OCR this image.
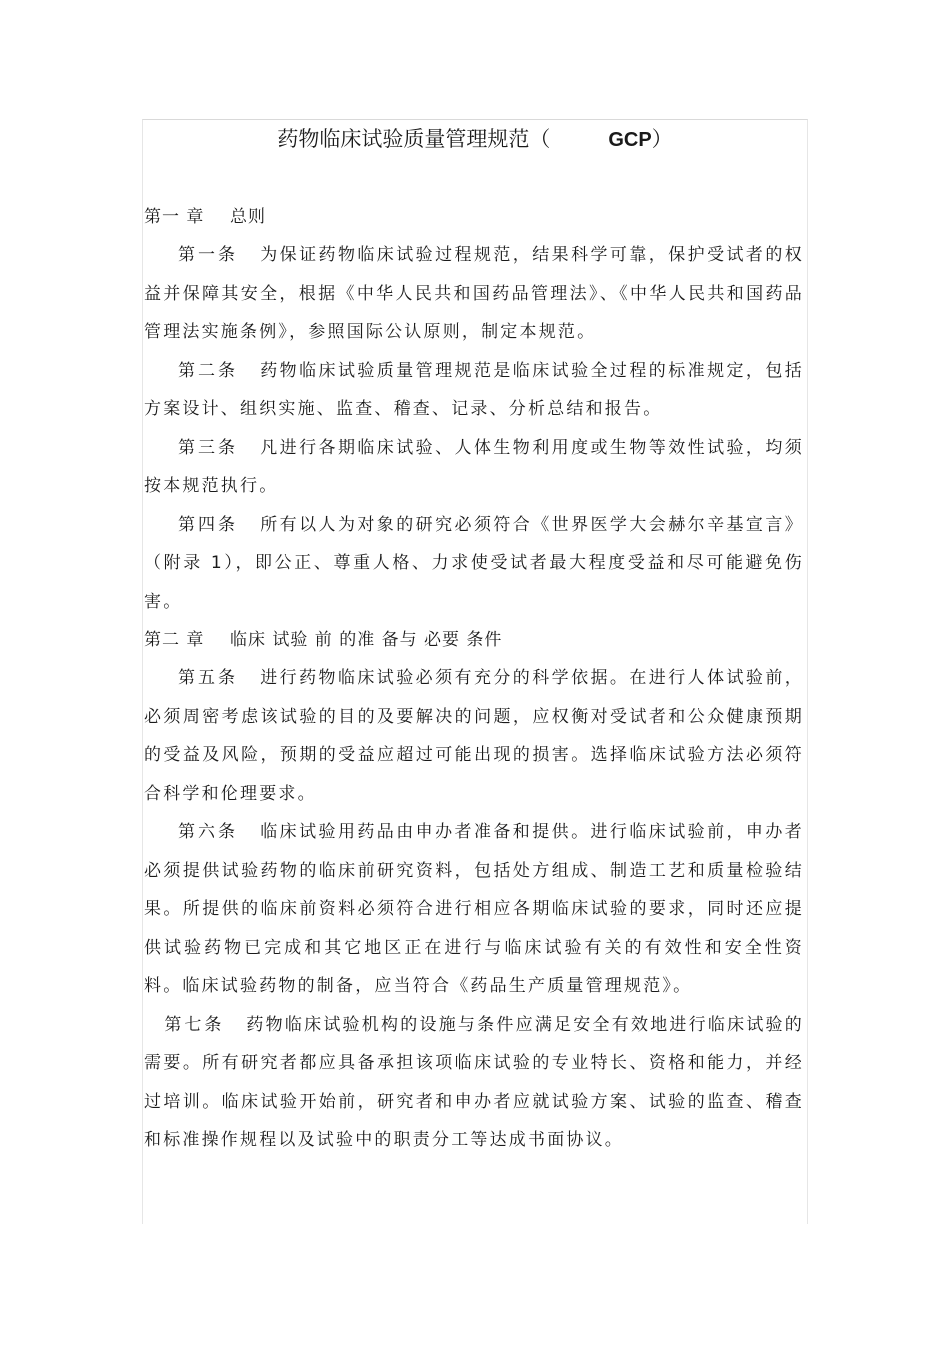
药物临床试验质量管理规范（	GCP）
第一 章 总则

第一条 为保证药物临床试验过程规范，结果科学可靠，保护受试者的权益并保障其安全，根据《中华人民共和国药品管理法》、《中华人民共和国药品管理法实施条例》，参照国际公认原则，制定本规范。

第二条 药物临床试验质量管理规范是临床试验全过程的标准规定，包括方案设计、组织实施、监查、稽查、记录、分析总结和报告。

第三条 凡进行各期临床试验、人体生物利用度或生物等效性试验，均须按本规范执行。

第四条 所有以人为对象的研究必须符合《世界医学大会赫尔辛基宣言》（附录 1），即公正、尊重人格、力求使受试者最大程度受益和尽可能避免伤害。

第二 章 临床 试验 前 的准 备与 必要 条件

第五条 进行药物临床试验必须有充分的科学依据。在进行人体试验前，必须周密考虑该试验的目的及要解决的问题，应权衡对受试者和公众健康预期的受益及风险，预期的受益应超过可能出现的损害。选择临床试验方法必须符合科学和伦理要求。

第六条 临床试验用药品由申办者准备和提供。进行临床试验前，申办者必须提供试验药物的临床前研究资料，包括处方组成、制造工艺和质量检验结果。所提供的临床前资料必须符合进行相应各期临床试验的要求，同时还应提供试验药物已完成和其它地区正在进行与临床试验有关的有效性和安全性资料。临床试验药物的制备，应当符合《药品生产质量管理规范》。

第七条 药物临床试验机构的设施与条件应满足安全有效地进行临床试验的需要。所有研究者都应具备承担该项临床试验的专业特长、资格和能力，并经过培训。临床试验开始前，研究者和申办者应就试验方案、试验的监查、稽查和标准操作规程以及试验中的职责分工等达成书面协议。
